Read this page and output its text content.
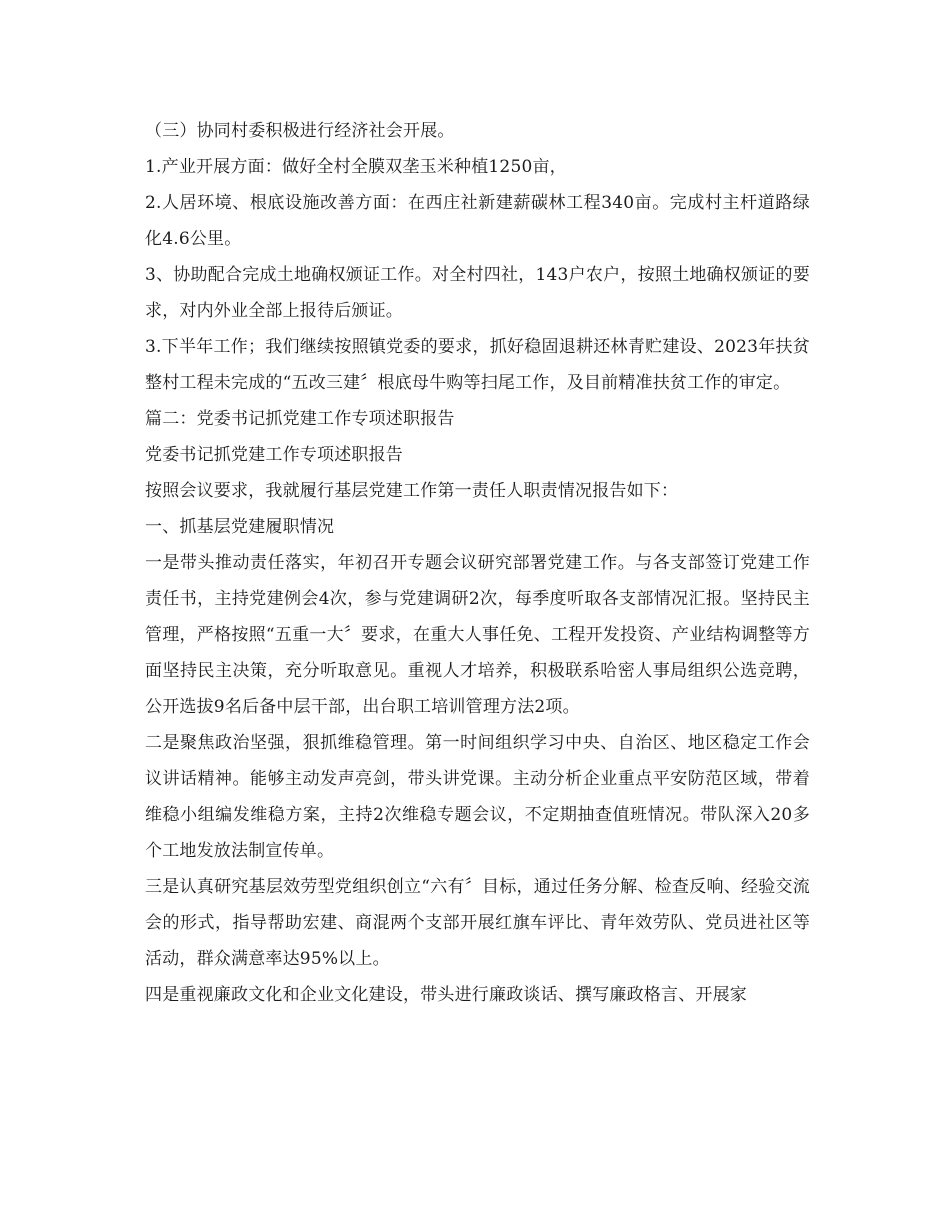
（三）协同村委积极进行经济社会开展。

1.产业开展方面：做好全村全膜双垄玉米种植1250亩，

2.人居环境、根底设施改善方面：在西庄社新建薪碳林工程340亩。完成村主杆道路绿化4.6公里。

3、协助配合完成土地确权颁证工作。对全村四社，143户农户，按照土地确权颁证的要求，对内外业全部上报待后颁证。

3.下半年工作；我们继续按照镇党委的要求，抓好稳固退耕还林青贮建设、2023年扶贫整村工程未完成的“五改三建〞根底母牛购等扫尾工作，及目前精准扶贫工作的审定。

篇二：党委书记抓党建工作专项述职报告

党委书记抓党建工作专项述职报告

按照会议要求，我就履行基层党建工作第一责任人职责情况报告如下：

一、抓基层党建履职情况

一是带头推动责任落实，年初召开专题会议研究部署党建工作。与各支部签订党建工作责任书，主持党建例会4次，参与党建调研2次，每季度听取各支部情况汇报。坚持民主管理，严格按照“五重一大〞要求，在重大人事任免、工程开发投资、产业结构调整等方面坚持民主决策，充分听取意见。重视人才培养，积极联系哈密人事局组织公选竞聘，公开选拔9名后备中层干部，出台职工培训管理方法2项。

二是聚焦政治坚强，狠抓维稳管理。第一时间组织学习中央、自治区、地区稳定工作会议讲话精神。能够主动发声亮剑，带头讲党课。主动分析企业重点平安防范区域，带着维稳小组编发维稳方案，主持2次维稳专题会议，不定期抽查值班情况。带队深入20多个工地发放法制宣传单。

三是认真研究基层效劳型党组织创立“六有〞目标，通过任务分解、检查反响、经验交流会的形式，指导帮助宏建、商混两个支部开展红旗车评比、青年效劳队、党员进社区等活动，群众满意率达95%以上。

四是重视廉政文化和企业文化建设，带头进行廉政谈话、撰写廉政格言、开展家
